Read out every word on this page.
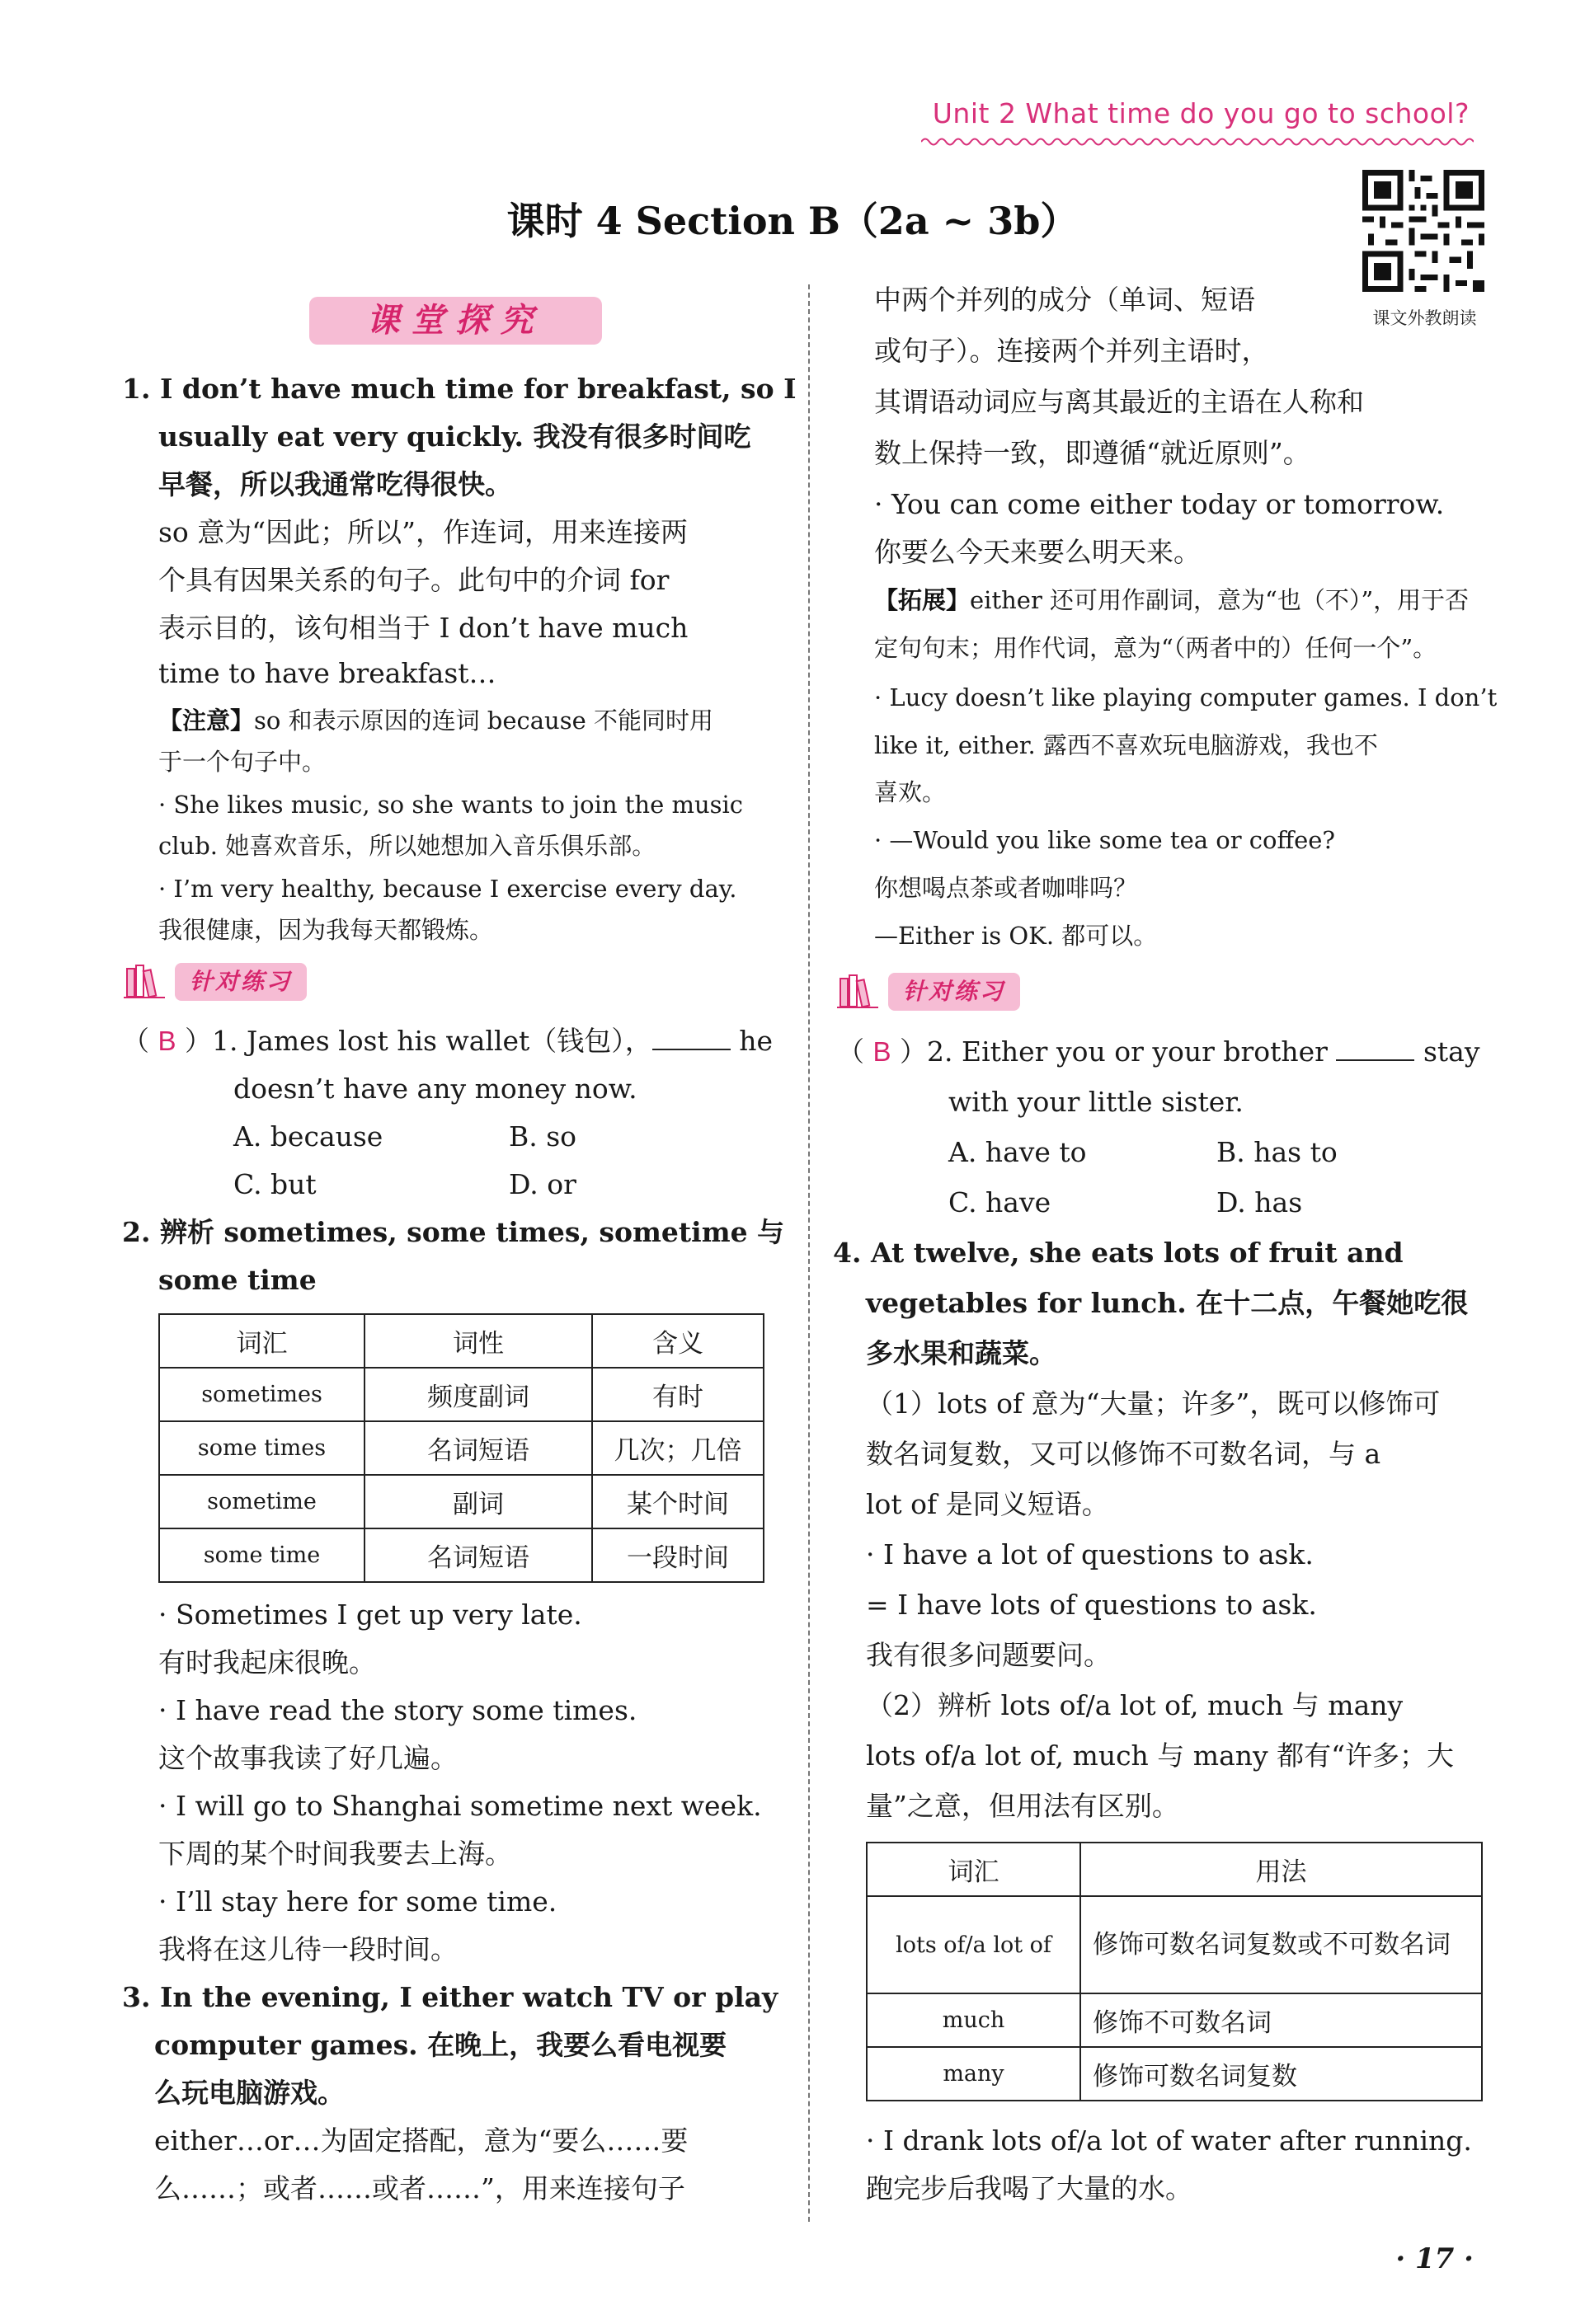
Unit 2 What time do you go to school?
课时 4 Section B（2a ~ 3b）
课文外教朗读
课堂探究
1. I don’t have much time for breakfast, so I
usually eat very quickly. 我没有很多时间吃
早餐，所以我通常吃得很快。
so 意为“因此；所以”，作连词，用来连接两
个具有因果关系的句子。此句中的介词 for
表示目的，该句相当于 I don’t have much
time to have breakfast…
【注意】so 和表示原因的连词 because 不能同时用
于一个句子中。
· She likes music, so she wants to join the music
club. 她喜欢音乐，所以她想加入音乐俱乐部。
· I’m very healthy, because I exercise every day.
我很健康，因为我每天都锻炼。
针对练习
（ B ）1. James lost his wallet（钱包），	he
doesn’t have any money now.
A. because	B. so
C. but	D. or
2. 辨析 sometimes, some times, sometime 与
some time
词汇	词性	含义
sometimes	频度副词	有时
some times	名词短语	几次；几倍
sometime	副词	某个时间
some time	名词短语	一段时间
· Sometimes I get up very late.
有时我起床很晚。
· I have read the story some times.
这个故事我读了好几遍。
· I will go to Shanghai sometime next week.
下周的某个时间我要去上海。
· I’ll stay here for some time.
我将在这儿待一段时间。
3. In the evening, I either watch TV or play
computer games. 在晚上，我要么看电视要
么玩电脑游戏。
either…or…为固定搭配，意为“要么……要
么……；或者……或者……”，用来连接句子
中两个并列的成分（单词、短语
或句子）。连接两个并列主语时，
其谓语动词应与离其最近的主语在人称和
数上保持一致，即遵循“就近原则”。
· You can come either today or tomorrow.
你要么今天来要么明天来。
【拓展】either 还可用作副词，意为“也（不）”，用于否
定句句末；用作代词，意为“（两者中的）任何一个”。
· Lucy doesn’t like playing computer games. I don’t
like it, either. 露西不喜欢玩电脑游戏，我也不
喜欢。
· —Would you like some tea or coffee?
你想喝点茶或者咖啡吗？
—Either is OK. 都可以。
针对练习
（ B ）2. Either you or your brother	stay
with your little sister.
A. have to	B. has to
C. have	D. has
4. At twelve, she eats lots of fruit and
vegetables for lunch. 在十二点，午餐她吃很
多水果和蔬菜。
（1）lots of 意为“大量；许多”，既可以修饰可
数名词复数，又可以修饰不可数名词，与 a
lot of 是同义短语。
· I have a lot of questions to ask.
= I have lots of questions to ask.
我有很多问题要问。
（2）辨析 lots of/a lot of, much 与 many
lots of/a lot of, much 与 many 都有“许多；大
量”之意，但用法有区别。
词汇	用法
lots of/a lot of	修饰可数名词复数或不可数名词
much	修饰不可数名词
many	修饰可数名词复数
· I drank lots of/a lot of water after running.
跑完步后我喝了大量的水。
· 17 ·
